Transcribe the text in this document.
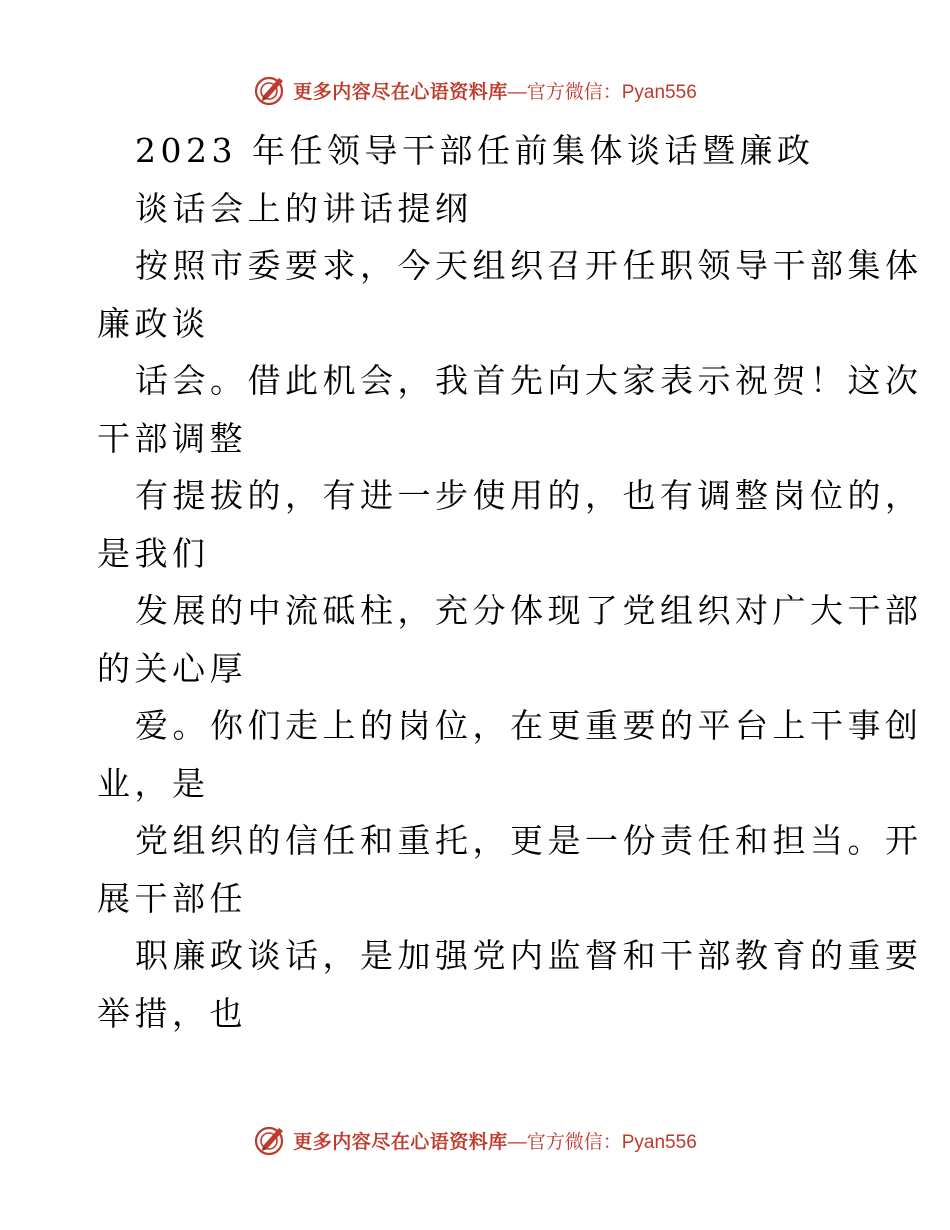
更多内容尽在心语资料库 —官方微信：Pyan556
2023 年任领导干部任前集体谈话暨廉政
谈话会上的讲话提纲
按照市委要求，今天组织召开任职领导干部集体
廉政谈
话会。借此机会，我首先向大家表示祝贺！这次
干部调整
有提拔的，有进一步使用的，也有调整岗位的，
是我们
发展的中流砥柱，充分体现了党组织对广大干部
的关心厚
爱。你们走上的岗位，在更重要的平台上干事创
业，是
党组织的信任和重托，更是一份责任和担当。开
展干部任
职廉政谈话，是加强党内监督和干部教育的重要
举措，也
更多内容尽在心语资料库 —官方微信：Pyan556
